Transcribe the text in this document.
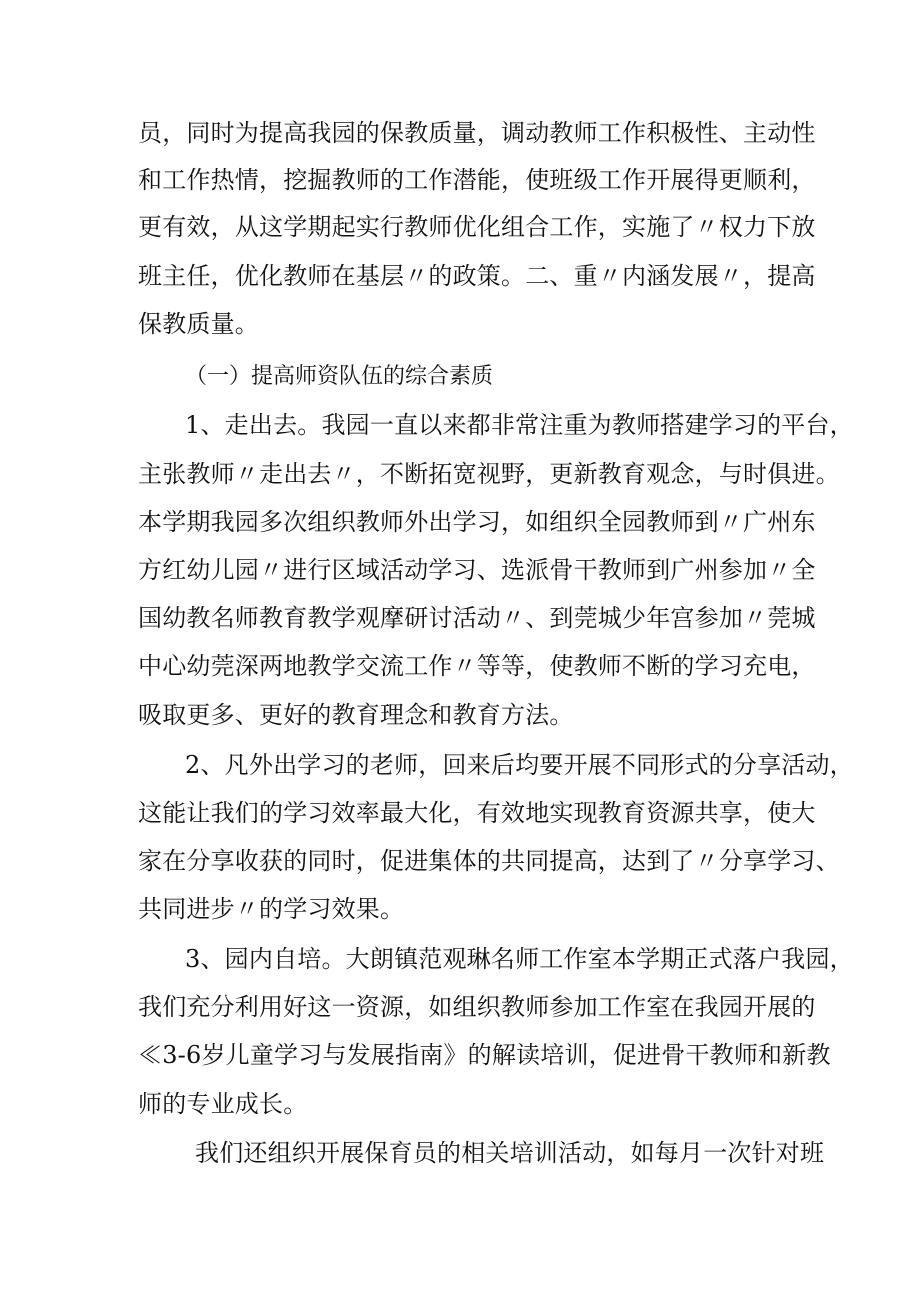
员，同时为提高我园的保教质量，调动教师工作积极性、主动性
和工作热情，挖掘教师的工作潜能，使班级工作开展得更顺利，
更有效，从这学期起实行教师优化组合工作，实施了〃权力下放
班主任，优化教师在基层〃的政策。二、重〃内涵发展〃，提高
保教质量。
（一）提高师资队伍的综合素质
1、走出去。我园一直以来都非常注重为教师搭建学习的平台，
主张教师〃走出去〃，不断拓宽视野，更新教育观念，与时俱进。
本学期我园多次组织教师外出学习，如组织全园教师到〃广州东
方红幼儿园〃进行区域活动学习、选派骨干教师到广州参加〃全
国幼教名师教育教学观摩研讨活动〃、到莞城少年宫参加〃莞城
中心幼莞深两地教学交流工作〃等等，使教师不断的学习充电，
吸取更多、更好的教育理念和教育方法。
2、凡外出学习的老师，回来后均要开展不同形式的分享活动，
这能让我们的学习效率最大化，有效地实现教育资源共享，使大
家在分享收获的同时，促进集体的共同提高，达到了〃分享学习、
共同进步〃的学习效果。
3、园内自培。大朗镇范观琳名师工作室本学期正式落户我园，
我们充分利用好这一资源，如组织教师参加工作室在我园开展的
≪3-6岁儿童学习与发展指南》的解读培训，促进骨干教师和新教
师的专业成长。
我们还组织开展保育员的相关培训活动，如每月一次针对班
